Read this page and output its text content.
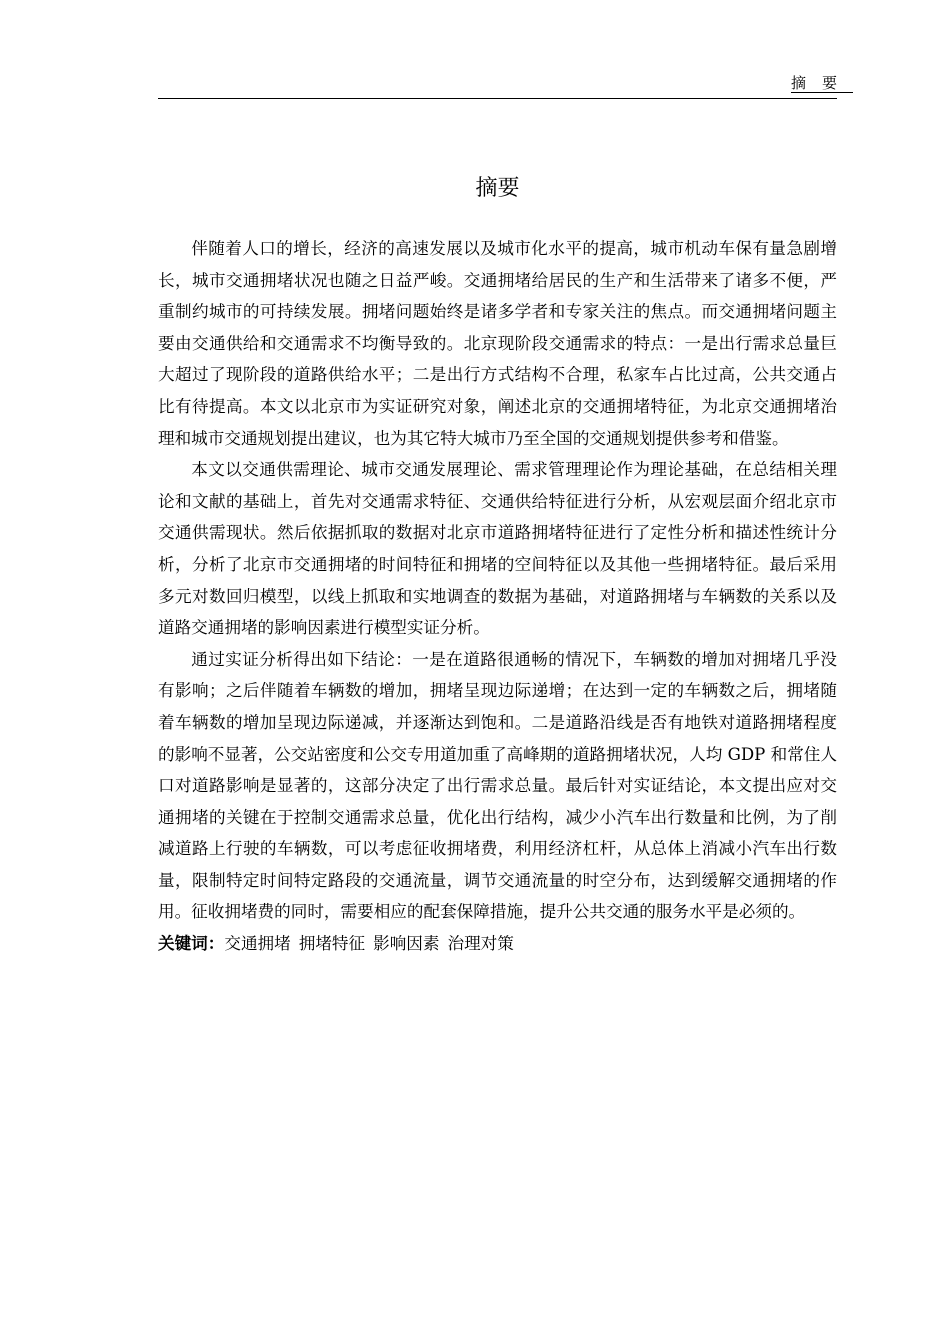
摘要
摘要

伴随着人口的增长，经济的高速发展以及城市化水平的提高，城市机动车保有量急剧增长，城市交通拥堵状况也随之日益严峻。交通拥堵给居民的生产和生活带来了诸多不便，严重制约城市的可持续发展。拥堵问题始终是诸多学者和专家关注的焦点。而交通拥堵问题主要由交通供给和交通需求不均衡导致的。北京现阶段交通需求的特点：一是出行需求总量巨大超过了现阶段的道路供给水平；二是出行方式结构不合理，私家车占比过高，公共交通占比有待提高。本文以北京市为实证研究对象，阐述北京的交通拥堵特征，为北京交通拥堵治理和城市交通规划提出建议，也为其它特大城市乃至全国的交通规划提供参考和借鉴。

本文以交通供需理论、城市交通发展理论、需求管理理论作为理论基础，在总结相关理论和文献的基础上，首先对交通需求特征、交通供给特征进行分析，从宏观层面介绍北京市交通供需现状。然后依据抓取的数据对北京市道路拥堵特征进行了定性分析和描述性统计分析，分析了北京市交通拥堵的时间特征和拥堵的空间特征以及其他一些拥堵特征。最后采用多元对数回归模型，以线上抓取和实地调查的数据为基础，对道路拥堵与车辆数的关系以及道路交通拥堵的影响因素进行模型实证分析。

通过实证分析得出如下结论：一是在道路很通畅的情况下，车辆数的增加对拥堵几乎没有影响；之后伴随着车辆数的增加，拥堵呈现边际递增；在达到一定的车辆数之后，拥堵随着车辆数的增加呈现边际递减，并逐渐达到饱和。二是道路沿线是否有地铁对道路拥堵程度的影响不显著，公交站密度和公交专用道加重了高峰期的道路拥堵状况，人均 GDP 和常住人口对道路影响是显著的，这部分决定了出行需求总量。最后针对实证结论，本文提出应对交通拥堵的关键在于控制交通需求总量，优化出行结构，减少小汽车出行数量和比例，为了削减道路上行驶的车辆数，可以考虑征收拥堵费，利用经济杠杆，从总体上消减小汽车出行数量，限制特定时间特定路段的交通流量，调节交通流量的时空分布，达到缓解交通拥堵的作用。征收拥堵费的同时，需要相应的配套保障措施，提升公共交通的服务水平是必须的。

关键词：交通拥堵 拥堵特征 影响因素 治理对策
